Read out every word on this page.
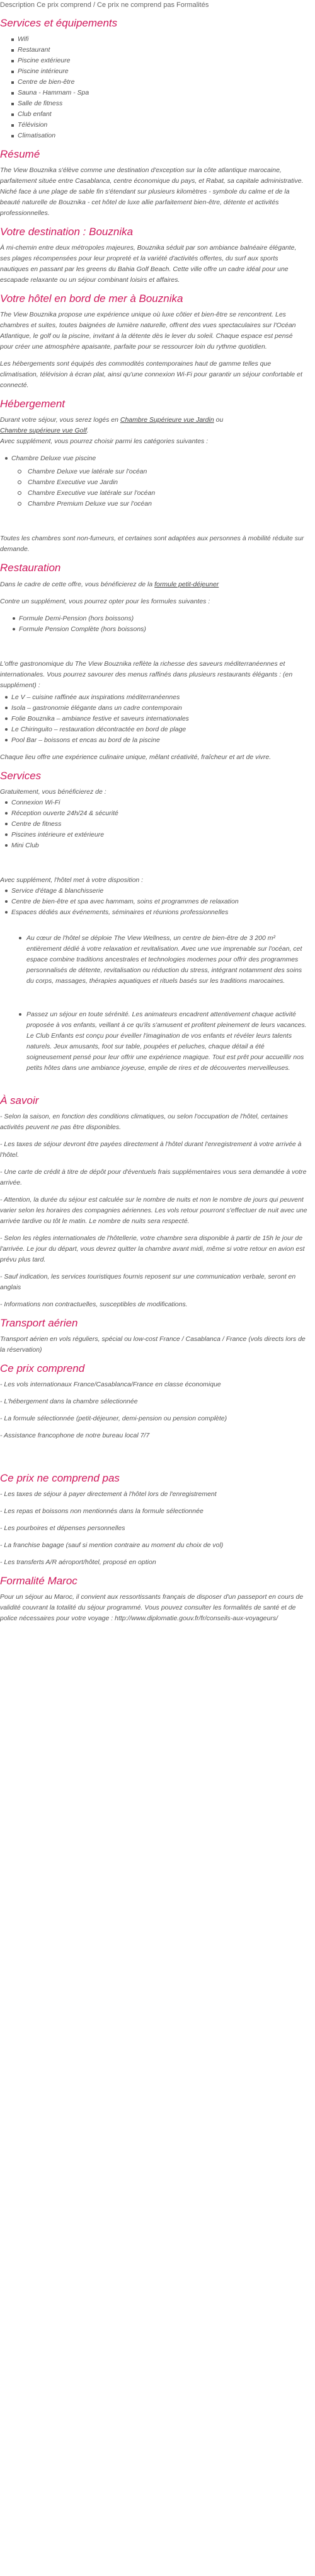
Description Ce prix comprend / Ce prix ne comprend pas Formalités

Services et équipements
Wifi
Restaurant
Piscine extérieure
Piscine intérieure
Centre de bien-être
Sauna - Hammam - Spa
Salle de fitness
Club enfant
Télévision
Climatisation
Résumé

The View Bouznika s'élève comme une destination d'exception sur la côte atlantique marocaine, parfaitement située entre Casablanca, centre économique du pays, et Rabat, sa capitale administrative. Niché face à une plage de sable fin s'étendant sur plusieurs kilomètres - symbole du calme et de la beauté naturelle de Bouznika - cet hôtel de luxe allie parfaitement bien-être, détente et activités professionnelles.

Votre destination : Bouznika

À mi-chemin entre deux métropoles majeures, Bouznika séduit par son ambiance balnéaire élégante, ses plages récompensées pour leur propreté et la variété d'activités offertes, du surf aux sports nautiques en passant par les greens du Bahia Golf Beach. Cette ville offre un cadre idéal pour une escapade relaxante ou un séjour combinant loisirs et affaires.

Votre hôtel en bord de mer à Bouznika

The View Bouznika propose une expérience unique où luxe côtier et bien-être se rencontrent. Les chambres et suites, toutes baignées de lumière naturelle, offrent des vues spectaculaires sur l'Océan Atlantique, le golf ou la piscine, invitant à la détente dès le lever du soleil. Chaque espace est pensé pour créer une atmosphère apaisante, parfaite pour se ressourcer loin du rythme quotidien.

Les hébergements sont équipés des commodités contemporaines haut de gamme telles que climatisation, télévision à écran plat, ainsi qu'une connexion Wi-Fi pour garantir un séjour confortable et connecté.

Hébergement

Durant votre séjour, vous serez logés en Chambre Supérieure vue Jardin ou
Chambre supérieure vue Golf.
Avec supplément, vous pourrez choisir parmi les catégories suivantes :

Chambre Deluxe vue piscine
Chambre Deluxe vue latérale sur l'océan
Chambre Executive vue Jardin
Chambre Executive vue latérale sur l'océan
Chambre Premium Deluxe vue sur l'océan

Toutes les chambres sont non-fumeurs, et certaines sont adaptées aux personnes à mobilité réduite sur demande.

Restauration

Dans le cadre de cette offre, vous bénéficierez de la formule petit-déjeuner

Contre un supplément, vous pourrez opter pour les formules suivantes :

Formule Demi-Pension (hors boissons)
Formule Pension Complète (hors boissons)

L'offre gastronomique du The View Bouznika reflète la richesse des saveurs méditerranéennes et internationales. Vous pourrez savourer des menus raffinés dans plusieurs restaurants élégants : (en supplément) :

Le V – cuisine raffinée aux inspirations méditerranéennes
Isola – gastronomie élégante dans un cadre contemporain
Folie Bouznika – ambiance festive et saveurs internationales
Le Chiringuito – restauration décontractée en bord de plage
Pool Bar – boissons et encas au bord de la piscine

Chaque lieu offre une expérience culinaire unique, mêlant créativité, fraîcheur et art de vivre.

Services

Gratuitement, vous bénéficierez de :

Connexion Wi-Fi
Réception ouverte 24h/24 & sécurité
Centre de fitness
Piscines intérieure et extérieure
Mini Club

Avec supplément, l'hôtel met à votre disposition :

Service d'étage & blanchisserie
Centre de bien-être et spa avec hammam, soins et programmes de relaxation
Espaces dédiés aux événements, séminaires et réunions professionnelles
Au cœur de l'hôtel se déploie The View Wellness, un centre de bien-être de 3 200 m² entièrement dédié à votre relaxation et revitalisation. Avec une vue imprenable sur l'océan, cet espace combine traditions ancestrales et technologies modernes pour offrir des programmes personnalisés de détente, revitalisation ou réduction du stress, intégrant notamment des soins du corps, massages, thérapies aquatiques et rituels basés sur les traditions marocaines.
Passez un séjour en toute sérénité. Les animateurs encadrent attentivement chaque activité proposée à vos enfants, veillant à ce qu'ils s'amusent et profitent pleinement de leurs vacances. Le Club Enfants est conçu pour éveiller l'imagination de vos enfants et révéler leurs talents naturels. Jeux amusants, foot sur table, poupées et peluches, chaque détail a été soigneusement pensé pour leur offrir une expérience magique. Tout est prêt pour accueillir nos petits hôtes dans une ambiance joyeuse, emplie de rires et de découvertes merveilleuses.
À savoir

- Selon la saison, en fonction des conditions climatiques, ou selon l'occupation de l'hôtel, certaines activités peuvent ne pas être disponibles.

- Les taxes de séjour devront être payées directement à l'hôtel durant l'enregistrement à votre arrivée à l'hôtel.

- Une carte de crédit à titre de dépôt pour d'éventuels frais supplémentaires vous sera demandée à votre arrivée.

- Attention, la durée du séjour est calculée sur le nombre de nuits et non le nombre de jours qui peuvent varier selon les horaires des compagnies aériennes. Les vols retour pourront s'effectuer de nuit avec une arrivée tardive ou tôt le matin. Le nombre de nuits sera respecté.

- Selon les règles internationales de l'hôtellerie, votre chambre sera disponible à partir de 15h le jour de l'arrivée. Le jour du départ, vous devrez quitter la chambre avant midi, même si votre retour en avion est prévu plus tard.

- Sauf indication, les services touristiques fournis reposent sur une communication verbale, seront en anglais

- Informations non contractuelles, susceptibles de modifications.

Transport aérien

Transport aérien en vols réguliers, spécial ou low-cost France / Casablanca / France (vols directs lors de la réservation)

Ce prix comprend

- Les vols internationaux France/Casablanca/France en classe économique

- L'hébergement dans la chambre sélectionnée

- La formule sélectionnée (petit-déjeuner, demi-pension ou pension complète)

- Assistance francophone de notre bureau local 7/7

Ce prix ne comprend pas

- Les taxes de séjour à payer directement à l'hôtel lors de l'enregistrement

- Les repas et boissons non mentionnés dans la formule sélectionnée

- Les pourboires et dépenses personnelles

- La franchise bagage (sauf si mention contraire au moment du choix de vol)

- Les transferts A/R aéroport/hôtel, proposé en option

Formalité Maroc

Pour un séjour au Maroc, il convient aux ressortissants français de disposer d'un passeport en cours de validité couvrant la totalité du séjour programmé. Vous pouvez consulter les formalités de santé et de police nécessaires pour votre voyage : http://www.diplomatie.gouv.fr/fr/conseils-aux-voyageurs/
